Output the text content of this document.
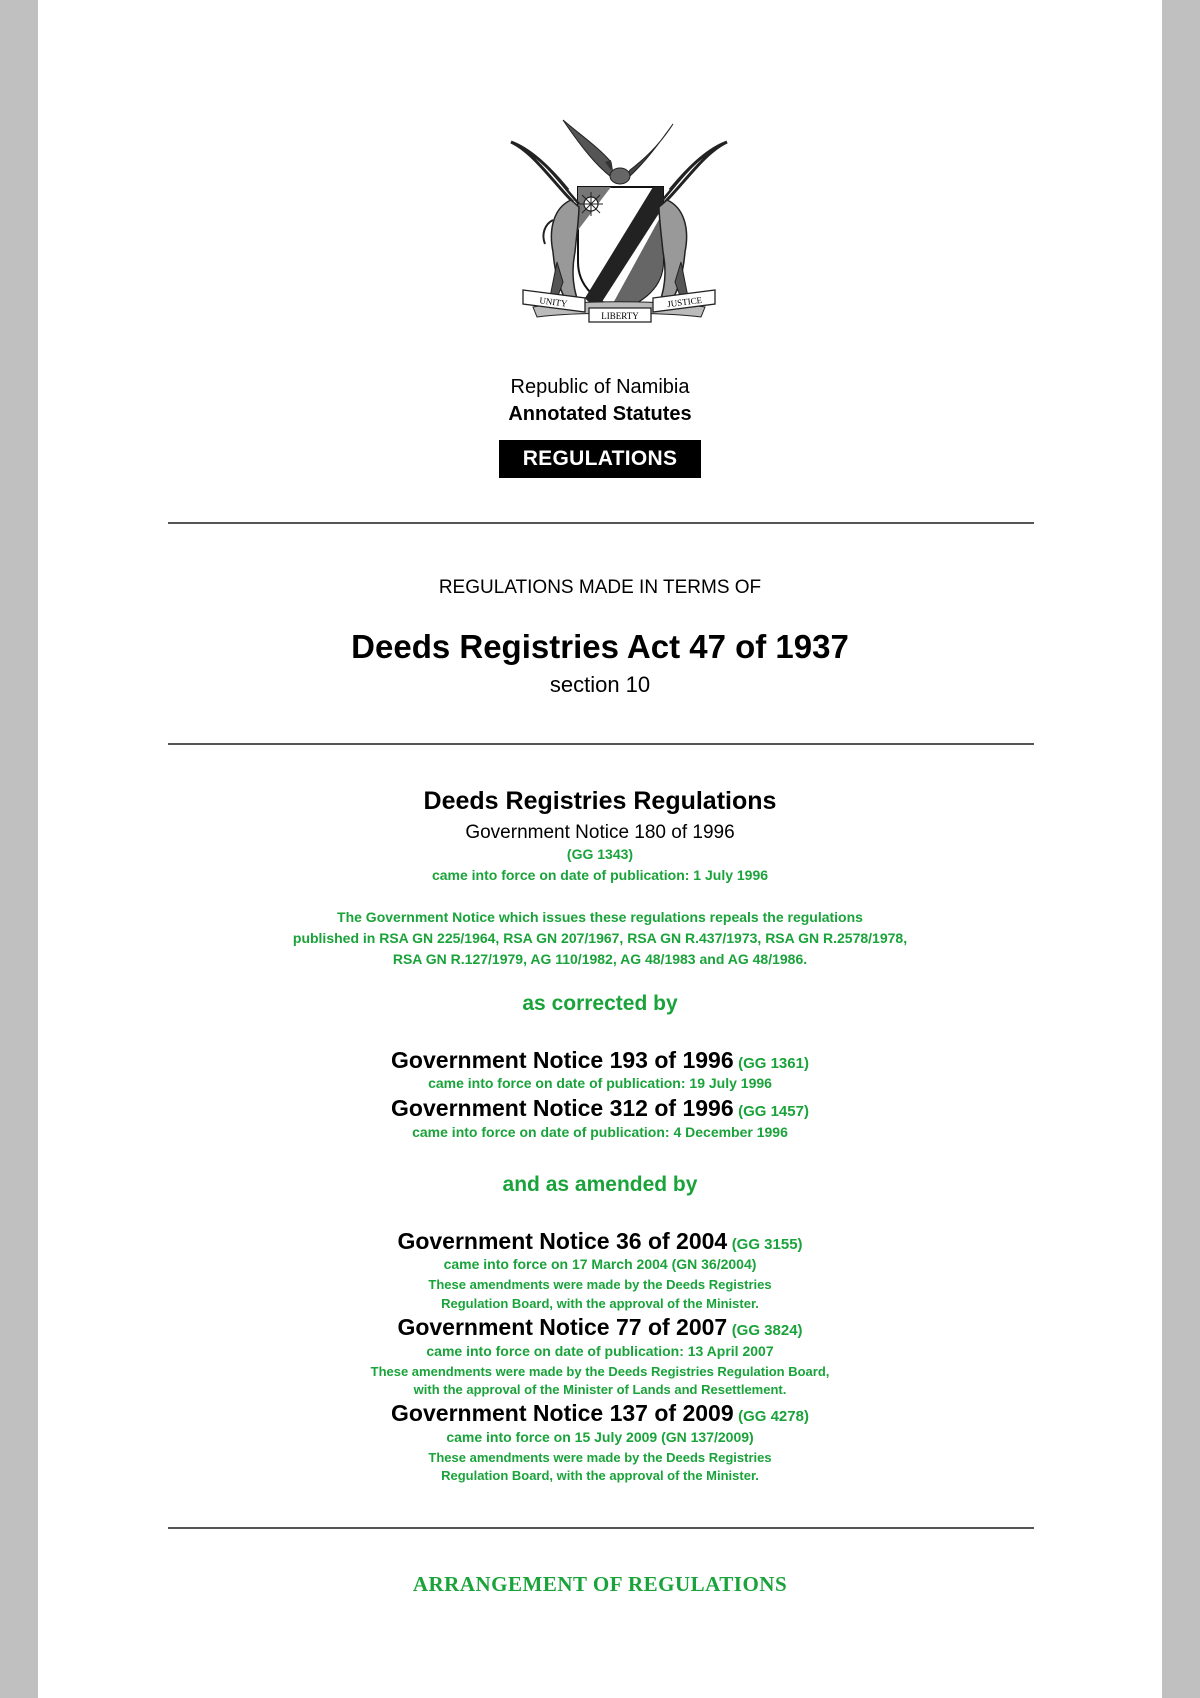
UNITY
LIBERTY
JUSTICE
Republic of Namibia
Annotated Statutes
REGULATIONS
REGULATIONS MADE IN TERMS OF
Deeds Registries Act 47 of 1937
section 10
Deeds Registries Regulations
Government Notice 180 of 1996
(GG 1343)
came into force on date of publication: 1 July 1996
The Government Notice which issues these regulations repeals the regulations
published in RSA GN 225/1964, RSA GN 207/1967, RSA GN R.437/1973, RSA GN R.2578/1978,
RSA GN R.127/1979, AG 110/1982, AG 48/1983 and AG 48/1986.
as corrected by
Government Notice 193 of 1996 (GG 1361)
came into force on date of publication: 19 July 1996
Government Notice 312 of 1996 (GG 1457)
came into force on date of publication: 4 December 1996
and as amended by
Government Notice 36 of 2004 (GG 3155)
came into force on 17 March 2004 (GN 36/2004)
These amendments were made by the Deeds Registries
Regulation Board, with the approval of the Minister.
Government Notice 77 of 2007 (GG 3824)
came into force on date of publication: 13 April 2007
These amendments were made by the Deeds Registries Regulation Board,
with the approval of the Minister of Lands and Resettlement.
Government Notice 137 of 2009 (GG 4278)
came into force on 15 July 2009 (GN 137/2009)
These amendments were made by the Deeds Registries
Regulation Board, with the approval of the Minister.
ARRANGEMENT OF REGULATIONS
